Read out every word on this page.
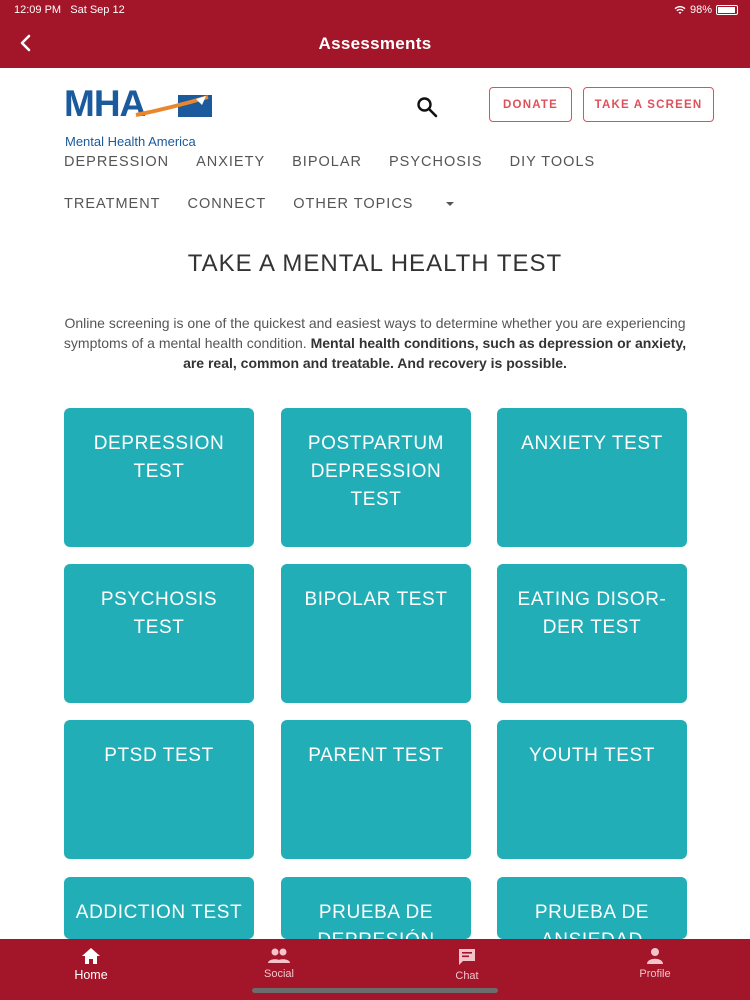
12:09 PM Sat Sep 12	98%
Assessments
MHA
Mental Health America
DONATE	TAKE A SCREEN
DEPRESSION ANXIETY BIPOLAR PSYCHOSIS DIY TOOLS
TREATMENT CONNECT OTHER TOPICS
TAKE A MENTAL HEALTH TEST

Online screening is one of the quickest and easiest ways to determine whether you are experiencing symptoms of a mental health condition. Mental health conditions, such as depression or anxiety, are real, common and treatable. And recovery is possible.

DEPRESSION TEST
POSTPARTUM DEPRESSION TEST
ANXIETY TEST
PSYCHOSIS TEST
BIPOLAR TEST	EATING DISOR-DER TEST
PTSD TEST	PARENT TEST	YOUTH TEST
ADDICTION TEST	PRUEBA DE	PRUEBA DE
Home	Social	Chat	Profile
